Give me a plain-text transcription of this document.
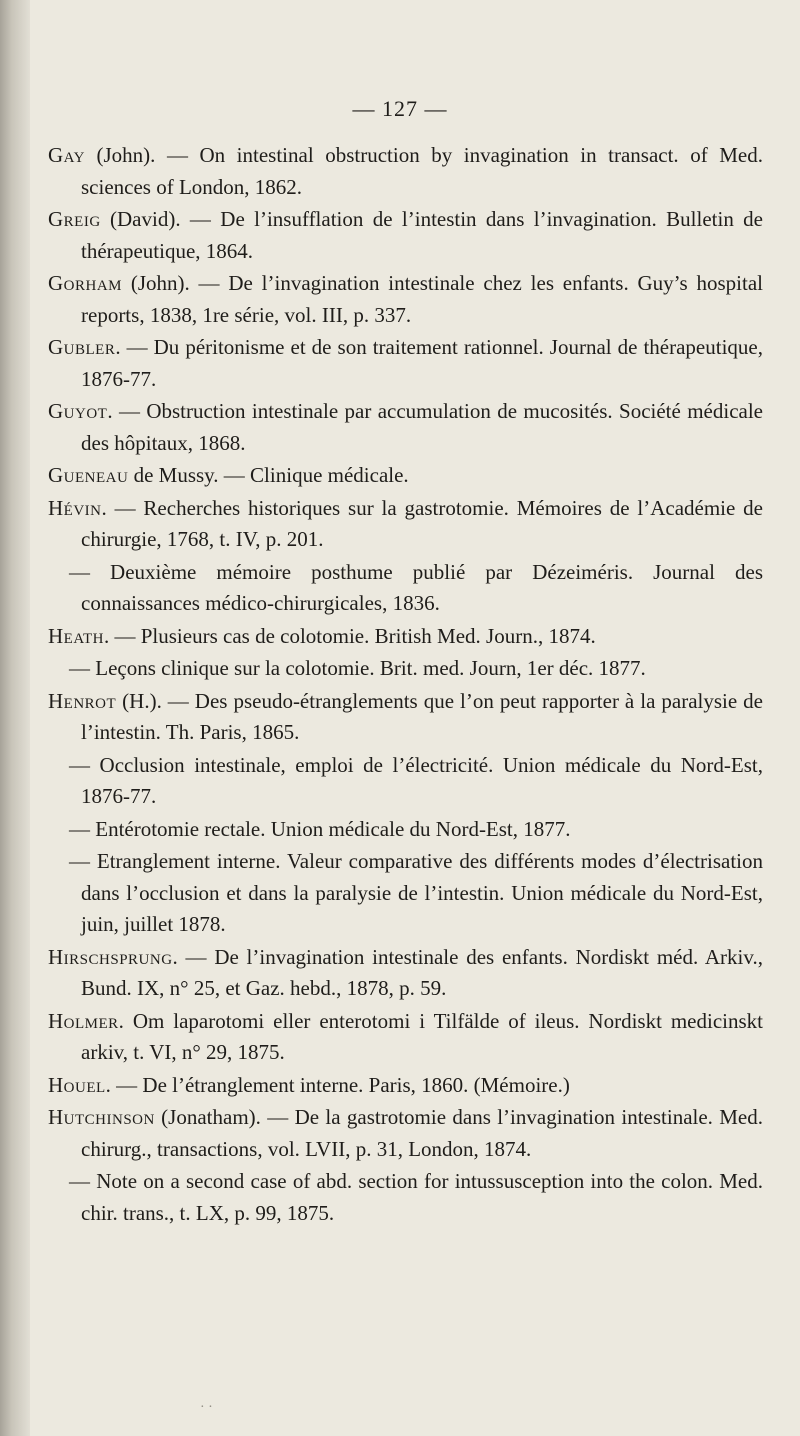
— 127 —

Gay (John). — On intestinal obstruction by invagination in transact. of Med. sciences of London, 1862.

Greig (David). — De l’insufflation de l’intestin dans l’invagination. Bulletin de thérapeutique, 1864.

Gorham (John). — De l’invagination intestinale chez les enfants. Guy’s hospital reports, 1838, 1re série, vol. III, p. 337.

Gubler. — Du péritonisme et de son traitement rationnel. Journal de thérapeutique, 1876-77.

Guyot. — Obstruction intestinale par accumulation de mucosités. Société médicale des hôpitaux, 1868.

Gueneau de Mussy. — Clinique médicale.

Hévin. — Recherches historiques sur la gastrotomie. Mémoires de l’Académie de chirurgie, 1768, t. IV, p. 201.

— Deuxième mémoire posthume publié par Dézeiméris. Journal des connaissances médico-chirurgicales, 1836.

Heath. — Plusieurs cas de colotomie. British Med. Journ., 1874.

— Leçons clinique sur la colotomie. Brit. med. Journ, 1er déc. 1877.

Henrot (H.). — Des pseudo-étranglements que l’on peut rapporter à la paralysie de l’intestin. Th. Paris, 1865.

— Occlusion intestinale, emploi de l’électricité. Union médicale du Nord-Est, 1876-77.

— Entérotomie rectale. Union médicale du Nord-Est, 1877.

— Etranglement interne. Valeur comparative des différents modes d’électrisation dans l’occlusion et dans la paralysie de l’intestin. Union médicale du Nord-Est, juin, juillet 1878.

Hirschsprung. — De l’invagination intestinale des enfants. Nordiskt méd. Arkiv., Bund. IX, n° 25, et Gaz. hebd., 1878, p. 59.

Holmer. Om laparotomi eller enterotomi i Tilfälde of ileus. Nordiskt medicinskt arkiv, t. VI, n° 29, 1875.

Houel. — De l’étranglement interne. Paris, 1860. (Mémoire.)

Hutchinson (Jonatham). — De la gastrotomie dans l’invagination intestinale. Med. chirurg., transactions, vol. LVII, p. 31, London, 1874.

— Note on a second case of abd. section for intussusception into the colon. Med. chir. trans., t. LX, p. 99, 1875.

· ·
